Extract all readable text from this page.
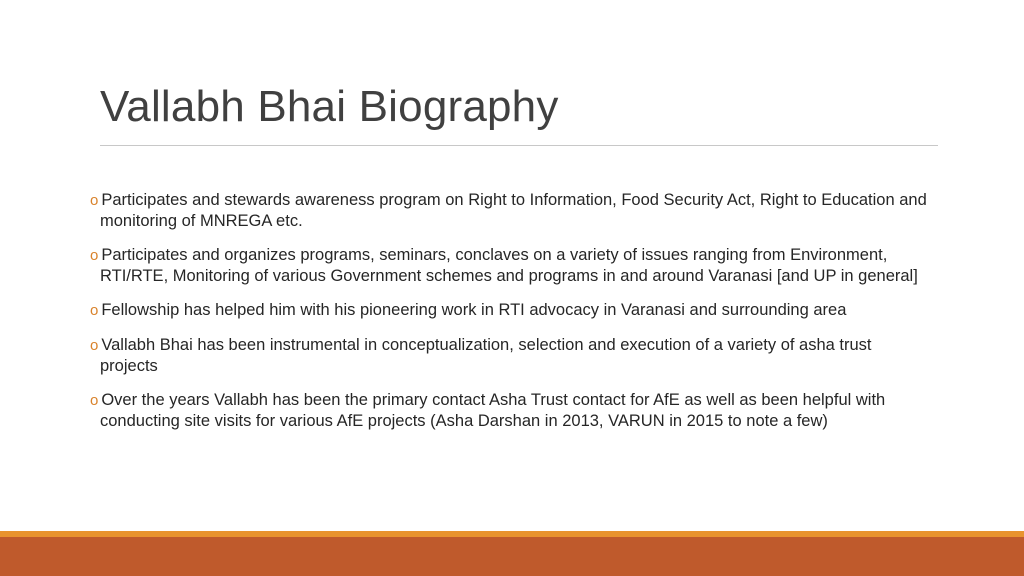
Vallabh Bhai Biography
o Participates and stewards awareness program on Right to Information, Food Security Act, Right to Education and monitoring of MNREGA etc.
o Participates and organizes programs, seminars, conclaves on a variety of issues ranging from Environment, RTI/RTE, Monitoring of various Government schemes and programs in and around Varanasi [and UP in general]
o Fellowship has helped him with his pioneering work in RTI advocacy in Varanasi and surrounding area
o Vallabh Bhai has been instrumental in conceptualization, selection and execution of a variety of asha trust projects
o Over the years Vallabh has been the primary contact Asha Trust contact for AfE as well as been helpful with conducting site visits for various AfE projects (Asha Darshan in 2013, VARUN in 2015 to note a few)
